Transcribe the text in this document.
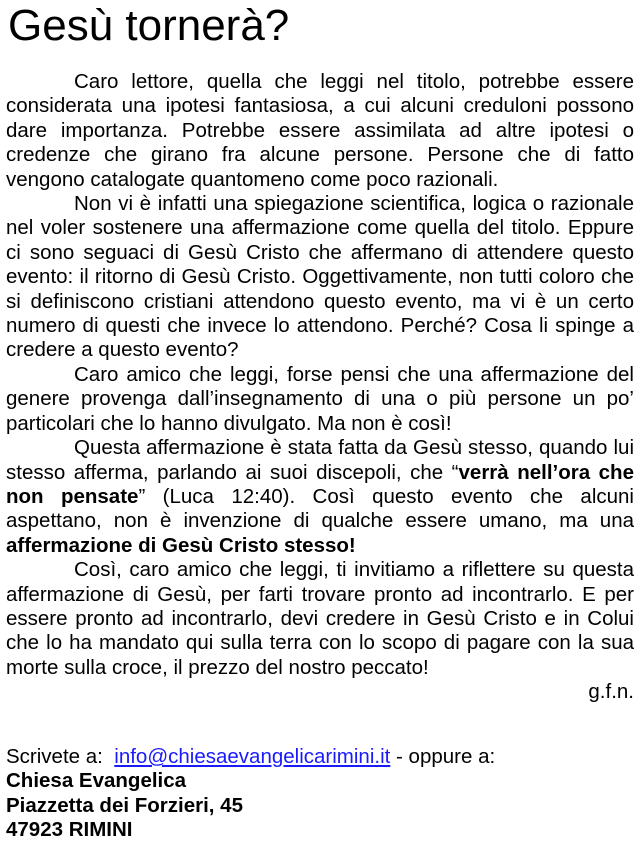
Gesù tornerà?

Caro lettore, quella che leggi nel titolo, potrebbe essere considerata una ipotesi fantasiosa, a cui alcuni creduloni possono dare importanza. Potrebbe essere assimilata ad altre ipotesi o credenze che girano fra alcune persone. Persone che di fatto vengono catalogate quantomeno come poco razionali.

Non vi è infatti una spiegazione scientifica, logica o razionale nel voler sostenere una affermazione come quella del titolo. Eppure ci sono seguaci di Gesù Cristo che affermano di attendere questo evento: il ritorno di Gesù Cristo. Oggettivamente, non tutti coloro che si definiscono cristiani attendono questo evento, ma vi è un certo numero di questi che invece lo attendono. Perché? Cosa li spinge a credere a questo evento?

Caro amico che leggi, forse pensi che una affermazione del genere provenga dall’insegnamento di una o più persone un po’ particolari che lo hanno divulgato. Ma non è così!

Questa affermazione è stata fatta da Gesù stesso, quando lui stesso afferma, parlando ai suoi discepoli, che “verrà nell’ora che non pensate” (Luca 12:40). Così questo evento che alcuni aspettano, non è invenzione di qualche essere umano, ma una affermazione di Gesù Cristo stesso!

Così, caro amico che leggi, ti invitiamo a riflettere su questa affermazione di Gesù, per farti trovare pronto ad incontrarlo. E per essere pronto ad incontrarlo, devi credere in Gesù Cristo e in Colui che lo ha mandato qui sulla terra con lo scopo di pagare con la sua morte sulla croce, il prezzo del nostro peccato!

g.f.n.

Scrivete a: info@chiesaevangelicarimini.it - oppure a:
Chiesa Evangelica
Piazzetta dei Forzieri, 45
47923 RIMINI
